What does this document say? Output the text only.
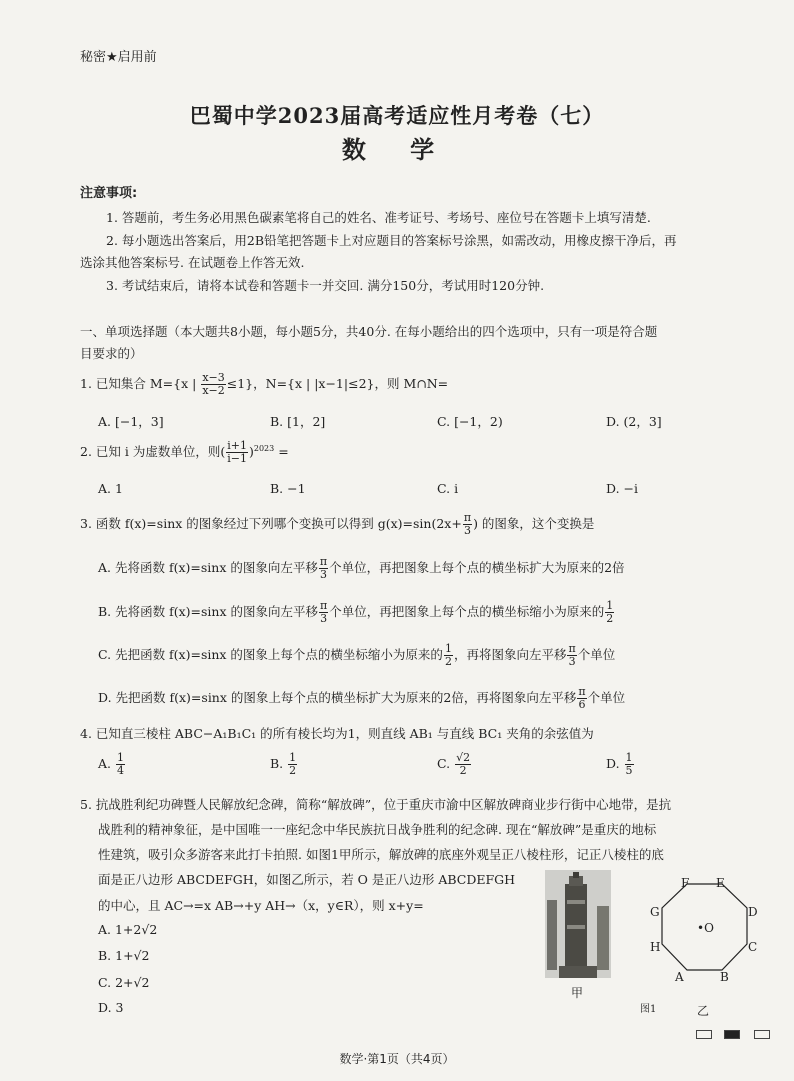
秘密★启用前
巴蜀中学2023届高考适应性月考卷（七）
数 学
注意事项:
1. 答题前，考生务必用黑色碳素笔将自己的姓名、准考证号、考场号、座位号在答题卡上填写清楚.
2. 每小题选出答案后，用2B铅笔把答题卡上对应题目的答案标号涂黑，如需改动，用橡皮擦干净后，再
选涂其他答案标号. 在试题卷上作答无效.
3. 考试结束后，请将本试卷和答题卡一并交回. 满分150分，考试用时120分钟.
一、单项选择题（本大题共8小题，每小题5分，共40分. 在每小题给出的四个选项中，只有一项是符合题
目要求的）
1. 已知集合 M={x | $\frac{x-3}{x-2} \le 1$}，N={x | |x−1|≤2}，则 M∩N=
A. [−1，3]	B. [1，2]	C. [−1，2)	D. (2，3]
2. 已知 i 为虚数单位，则( $\frac{i+1}{i-1} )^{2023}$ =
A. 1	B. −1	C. i	D. −i
3. 函数 f(x)=sinx 的图象经过下列哪个变换可以得到 $g(x)=\sin(2x+ \frac{\pi}{3}$ ) 的图象，这个变换是
A. 先将函数 f(x)=sinx 的图象向左平移 $\frac{\pi}{3}$ 个单位，再把图象上每个点的横坐标扩大为原来的2倍
B. 先将函数 f(x)=sinx 的图象向左平移 $\frac{\pi}{3}$ 个单位，再把图象上每个点的横坐标缩小为原来的 $\frac{1}{2}$
C. 先把函数 f(x)=sinx 的图象上每个点的横坐标缩小为原来的 $\frac{1}{2}$ ，再将图象向左平移 $\frac{\pi}{3}$ 个单位
D. 先把函数 f(x)=sinx 的图象上每个点的横坐标扩大为原来的2倍，再将图象向左平移 $\frac{\pi}{6}$ 个单位
4. 已知直三棱柱 ABC−A₁B₁C₁ 的所有棱长均为1，则直线 AB₁ 与直线 BC₁ 夹角的余弦值为
A. $\frac{1}{4}$	B. $\frac{1}{2}$	C. $\frac{√2}{2}$	D. $\frac{1}{5}$
5. 抗战胜利纪功碑暨人民解放纪念碑，简称“解放碑”，位于重庆市渝中区解放碑商业步行街中心地带，是抗
战胜利的精神象征，是中国唯一一座纪念中华民族抗日战争胜利的纪念碑. 现在“解放碑”是重庆的地标
性建筑，吸引众多游客来此打卡拍照. 如图1甲所示，解放碑的底座外观呈正八棱柱形，记正八棱柱的底
面是正八边形 ABCDEFGH，如图乙所示，若 O 是正八边形 ABCDEFGH
的中心，且 AC→=x AB→+y AH→（x，y∈R），则 x+y=
A. 1+2√2
B. 1+√2
C. 2+√2
D. 3
甲
F E
D
C
B
A
H
G
•O
图1	乙
数学·第1页（共4页）
